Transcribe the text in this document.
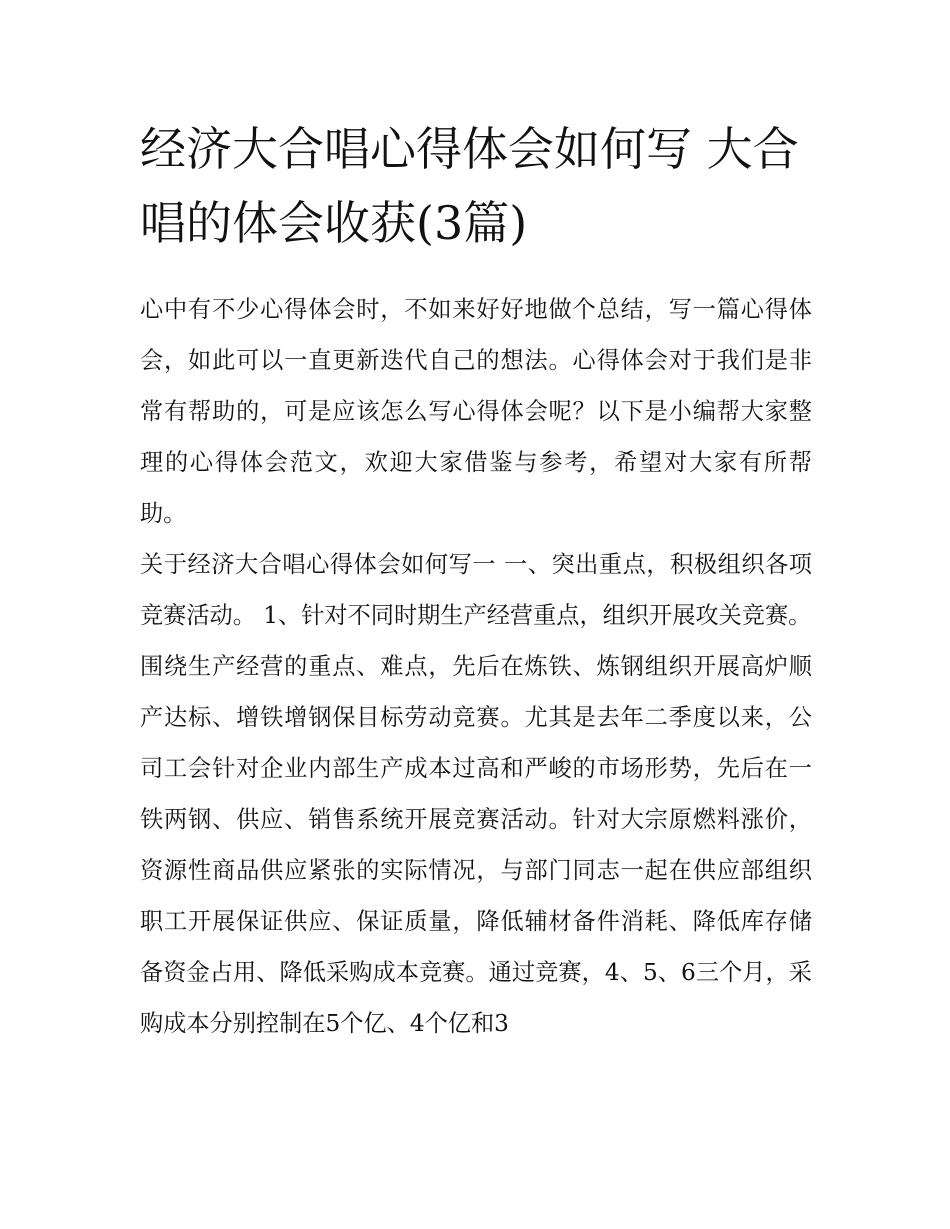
经济大合唱心得体会如何写 大合唱的体会收获(3篇)

心中有不少心得体会时，不如来好好地做个总结，写一篇心得体会，如此可以一直更新迭代自己的想法。心得体会对于我们是非常有帮助的，可是应该怎么写心得体会呢？以下是小编帮大家整理的心得体会范文，欢迎大家借鉴与参考，希望对大家有所帮助。

关于经济大合唱心得体会如何写一 一、突出重点，积极组织各项竞赛活动。 1、针对不同时期生产经营重点，组织开展攻关竞赛。

围绕生产经营的重点、难点，先后在炼铁、炼钢组织开展高炉顺产达标、增铁增钢保目标劳动竞赛。尤其是去年二季度以来，公司工会针对企业内部生产成本过高和严峻的市场形势，先后在一铁两钢、供应、销售系统开展竞赛活动。针对大宗原燃料涨价，资源性商品供应紧张的实际情况，与部门同志一起在供应部组织职工开展保证供应、保证质量，降低辅材备件消耗、降低库存储备资金占用、降低采购成本竞赛。通过竞赛，4、5、6三个月，采购成本分别控制在5个亿、4个亿和3
